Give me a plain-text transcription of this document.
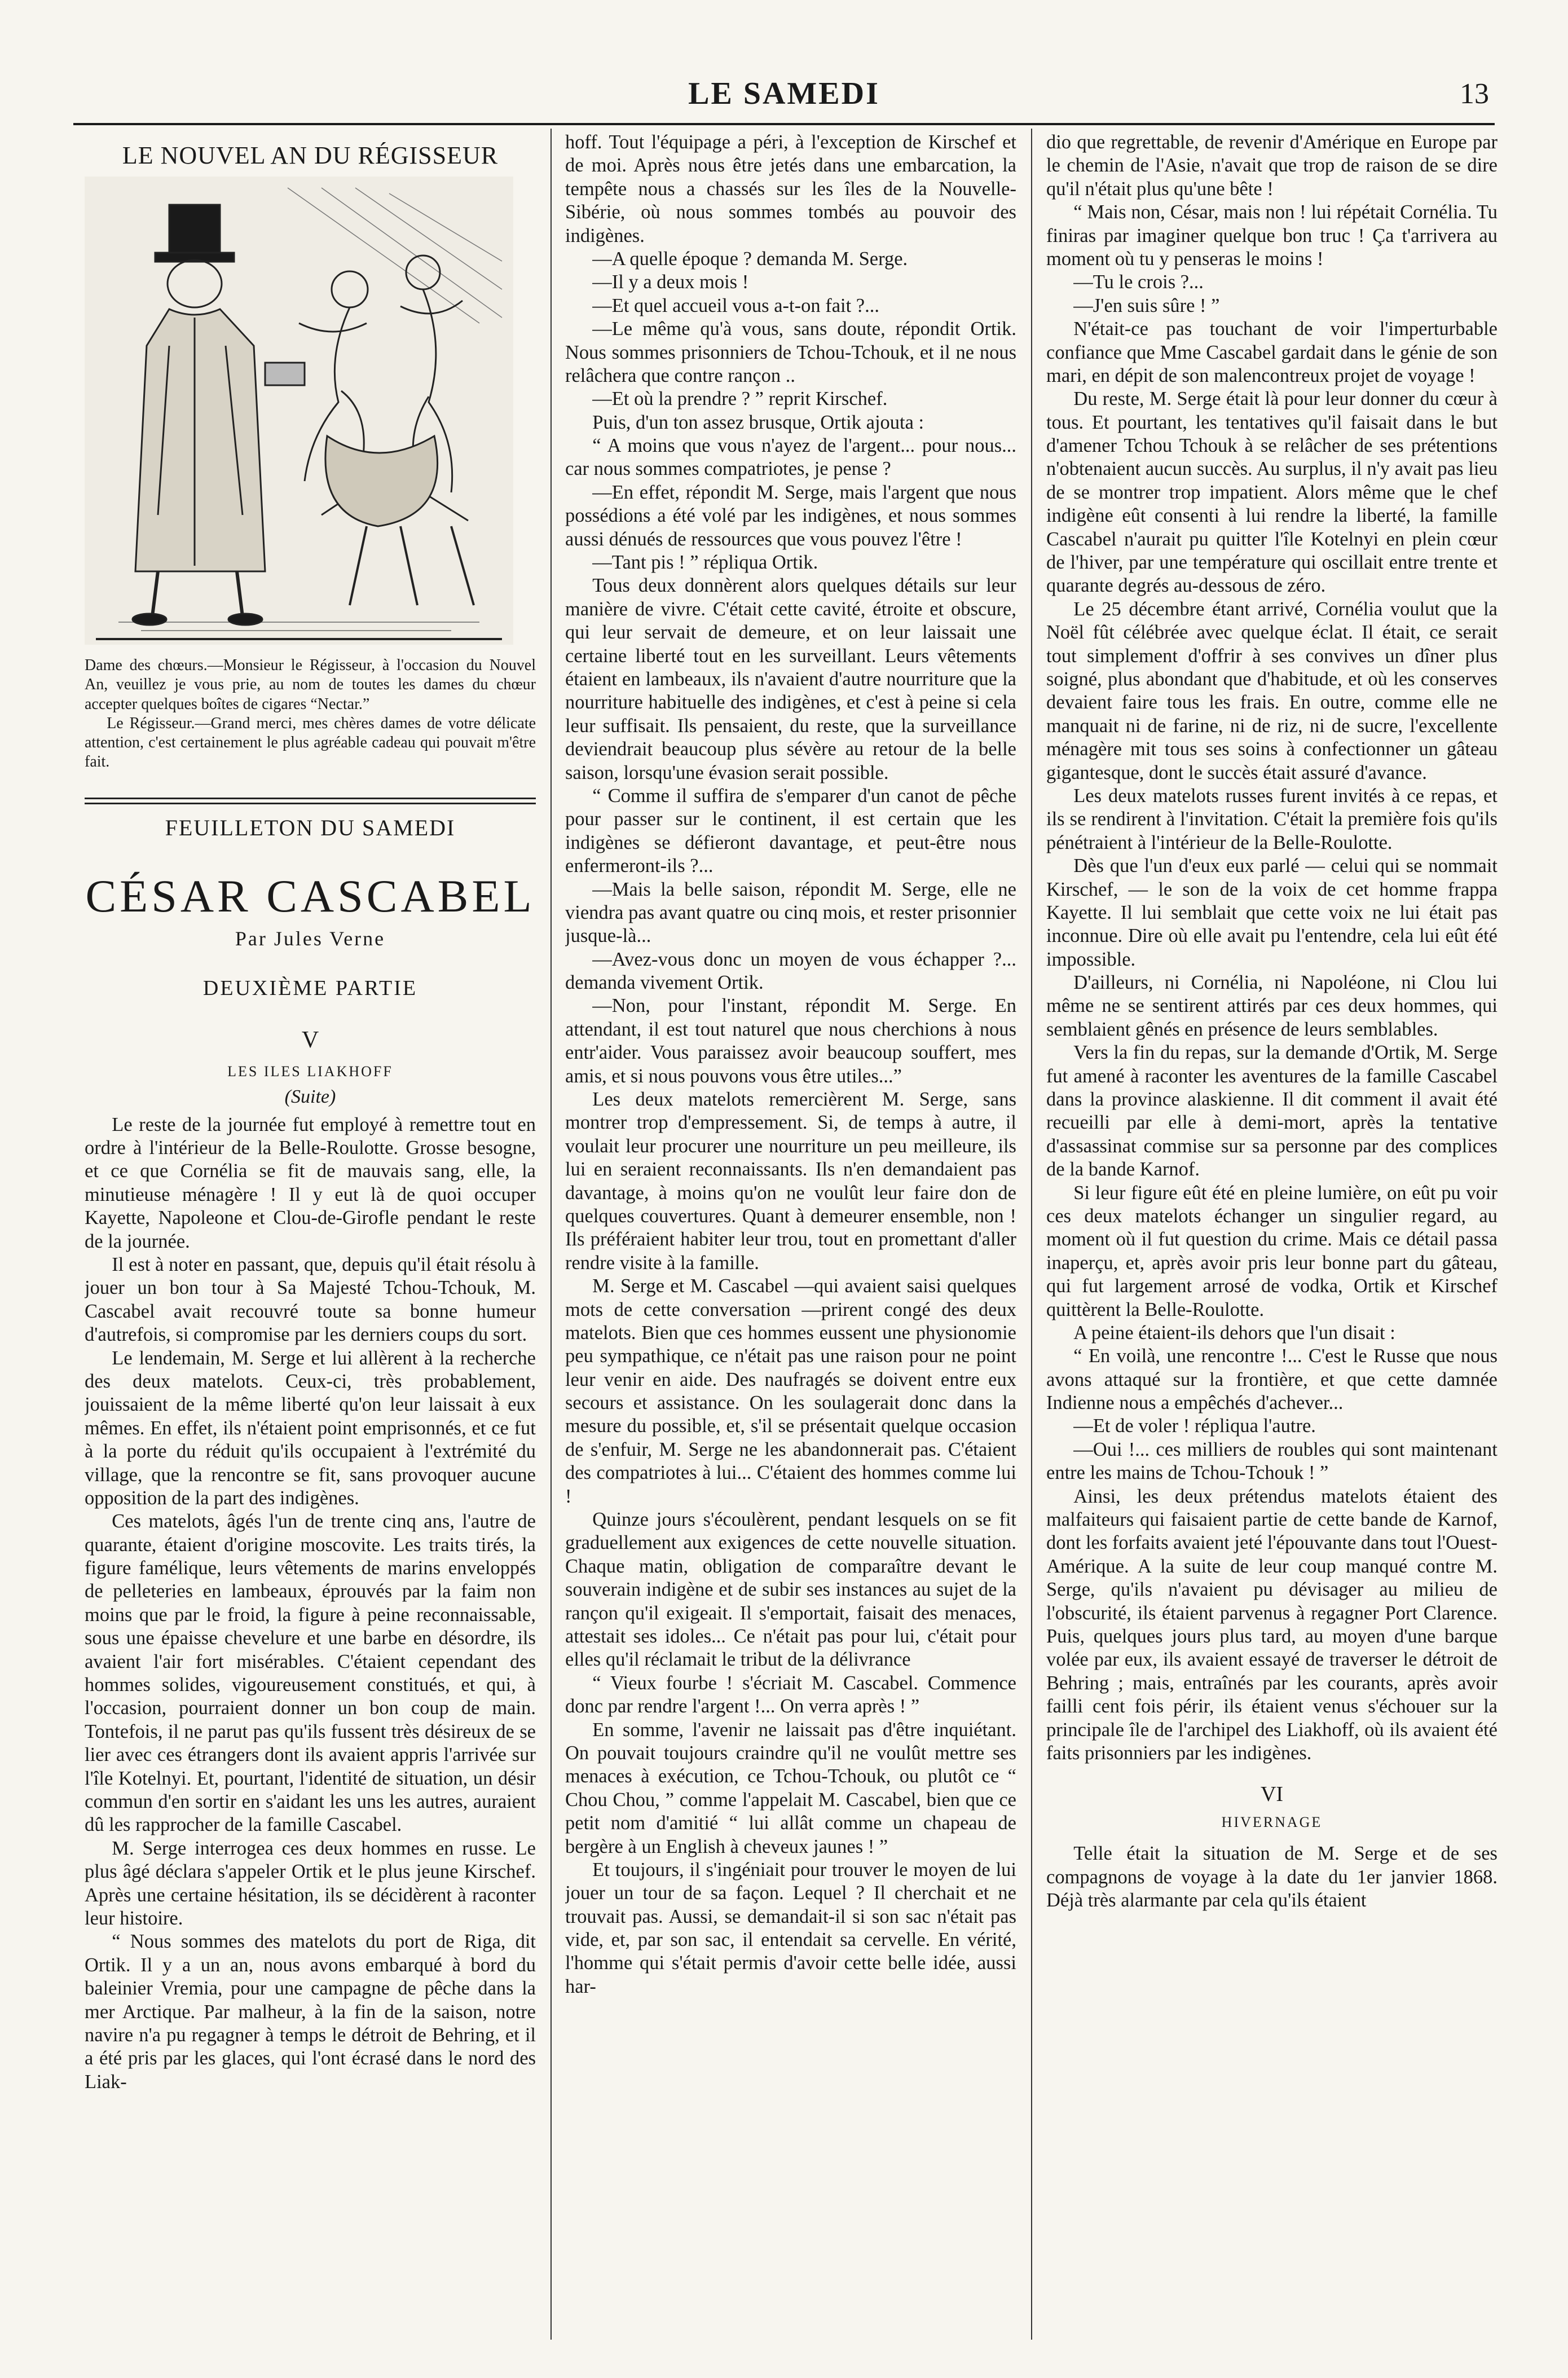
LE SAMEDI	13
LE NOUVEL AN DU RÉGISSEUR

Dame des chœurs.—Monsieur le Régisseur, à l'occasion du Nouvel An, veuillez je vous prie, au nom de toutes les dames du chœur accepter quelques boîtes de cigares “Nectar.”

Le Régisseur.—Grand merci, mes chères dames de votre délicate attention, c'est certainement le plus agréable cadeau qui pouvait m'être fait.

FEUILLETON DU SAMEDI
CÉSAR CASCABEL
Par Jules Verne
DEUXIÈME PARTIE
V
LES ILES LIAKHOFF
(Suite)

Le reste de la journée fut employé à remettre tout en ordre à l'intérieur de la Belle-Roulotte. Grosse besogne, et ce que Cornélia se fit de mauvais sang, elle, la minutieuse ménagère ! Il y eut là de quoi occuper Kayette, Napoleone et Clou-de-Girofle pendant le reste de la journée.

Il est à noter en passant, que, depuis qu'il était résolu à jouer un bon tour à Sa Majesté Tchou-Tchouk, M. Cascabel avait recouvré toute sa bonne humeur d'autrefois, si compromise par les derniers coups du sort.

Le lendemain, M. Serge et lui allèrent à la recherche des deux matelots. Ceux-ci, très probablement, jouissaient de la même liberté qu'on leur laissait à eux mêmes. En effet, ils n'étaient point emprisonnés, et ce fut à la porte du réduit qu'ils occupaient à l'extrémité du village, que la rencontre se fit, sans provoquer aucune opposition de la part des indigènes.

Ces matelots, âgés l'un de trente cinq ans, l'autre de quarante, étaient d'origine moscovite. Les traits tirés, la figure famélique, leurs vêtements de marins enveloppés de pelleteries en lambeaux, éprouvés par la faim non moins que par le froid, la figure à peine reconnaissable, sous une épaisse chevelure et une barbe en désordre, ils avaient l'air fort misérables. C'étaient cependant des hommes solides, vigoureusement constitués, et qui, à l'occasion, pourraient donner un bon coup de main. Tontefois, il ne parut pas qu'ils fussent très désireux de se lier avec ces étrangers dont ils avaient appris l'arrivée sur l'île Kotelnyi. Et, pourtant, l'identité de situation, un désir commun d'en sortir en s'aidant les uns les autres, auraient dû les rapprocher de la famille Cascabel.

M. Serge interrogea ces deux hommes en russe. Le plus âgé déclara s'appeler Ortik et le plus jeune Kirschef. Après une certaine hésitation, ils se décidèrent à raconter leur histoire.

“ Nous sommes des matelots du port de Riga, dit Ortik. Il y a un an, nous avons embarqué à bord du baleinier Vremia, pour une campagne de pêche dans la mer Arctique. Par malheur, à la fin de la saison, notre navire n'a pu regagner à temps le détroit de Behring, et il a été pris par les glaces, qui l'ont écrasé dans le nord des Liak-

hoff. Tout l'équipage a péri, à l'exception de Kirschef et de moi. Après nous être jetés dans une embarcation, la tempête nous a chassés sur les îles de la Nouvelle-Sibérie, où nous sommes tombés au pouvoir des indigènes.

—A quelle époque ? demanda M. Serge.

—Il y a deux mois !

—Et quel accueil vous a-t-on fait ?...

—Le même qu'à vous, sans doute, répondit Ortik. Nous sommes prisonniers de Tchou-Tchouk, et il ne nous relâchera que contre rançon ..

—Et où la prendre ? ” reprit Kirschef.

Puis, d'un ton assez brusque, Ortik ajouta :

“ A moins que vous n'ayez de l'argent... pour nous... car nous sommes compatriotes, je pense ?

—En effet, répondit M. Serge, mais l'argent que nous possédions a été volé par les indigènes, et nous sommes aussi dénués de ressources que vous pouvez l'être !

—Tant pis ! ” répliqua Ortik.

Tous deux donnèrent alors quelques détails sur leur manière de vivre. C'était cette cavité, étroite et obscure, qui leur servait de demeure, et on leur laissait une certaine liberté tout en les surveillant. Leurs vêtements étaient en lambeaux, ils n'avaient d'autre nourriture que la nourriture habituelle des indigènes, et c'est à peine si cela leur suffisait. Ils pensaient, du reste, que la surveillance deviendrait beaucoup plus sévère au retour de la belle saison, lorsqu'une évasion serait possible.

“ Comme il suffira de s'emparer d'un canot de pêche pour passer sur le continent, il est certain que les indigènes se défieront davantage, et peut-être nous enfermeront-ils ?...

—Mais la belle saison, répondit M. Serge, elle ne viendra pas avant quatre ou cinq mois, et rester prisonnier jusque-là...

—Avez-vous donc un moyen de vous échapper ?... demanda vivement Ortik.

—Non, pour l'instant, répondit M. Serge. En attendant, il est tout naturel que nous cherchions à nous entr'aider. Vous paraissez avoir beaucoup souffert, mes amis, et si nous pouvons vous être utiles...”

Les deux matelots remercièrent M. Serge, sans montrer trop d'empressement. Si, de temps à autre, il voulait leur procurer une nourriture un peu meilleure, ils lui en seraient reconnaissants. Ils n'en demandaient pas davantage, à moins qu'on ne voulût leur faire don de quelques couvertures. Quant à demeurer ensemble, non ! Ils préféraient habiter leur trou, tout en promettant d'aller rendre visite à la famille.

M. Serge et M. Cascabel —qui avaient saisi quelques mots de cette conversation —prirent congé des deux matelots. Bien que ces hommes eussent une physionomie peu sympathique, ce n'était pas une raison pour ne point leur venir en aide. Des naufragés se doivent entre eux secours et assistance. On les soulagerait donc dans la mesure du possible, et, s'il se présentait quelque occasion de s'enfuir, M. Serge ne les abandonnerait pas. C'étaient des compatriotes à lui... C'étaient des hommes comme lui !

Quinze jours s'écoulèrent, pendant lesquels on se fit graduellement aux exigences de cette nouvelle situation. Chaque matin, obligation de comparaître devant le souverain indigène et de subir ses instances au sujet de la rançon qu'il exigeait. Il s'emportait, faisait des menaces, attestait ses idoles... Ce n'était pas pour lui, c'était pour elles qu'il réclamait le tribut de la délivrance

“ Vieux fourbe ! s'écriait M. Cascabel. Commence donc par rendre l'argent !... On verra après ! ”

En somme, l'avenir ne laissait pas d'être inquiétant. On pouvait toujours craindre qu'il ne voulût mettre ses menaces à exécution, ce Tchou-Tchouk, ou plutôt ce “ Chou Chou, ” comme l'appelait M. Cascabel, bien que ce petit nom d'amitié “ lui allât comme un chapeau de bergère à un English à cheveux jaunes ! ”

Et toujours, il s'ingéniait pour trouver le moyen de lui jouer un tour de sa façon. Lequel ? Il cherchait et ne trouvait pas. Aussi, se demandait-il si son sac n'était pas vide, et, par son sac, il entendait sa cervelle. En vérité, l'homme qui s'était permis d'avoir cette belle idée, aussi har-

dio que regrettable, de revenir d'Amérique en Europe par le chemin de l'Asie, n'avait que trop de raison de se dire qu'il n'était plus qu'une bête !

“ Mais non, César, mais non ! lui répétait Cornélia. Tu finiras par imaginer quelque bon truc ! Ça t'arrivera au moment où tu y penseras le moins !

—Tu le crois ?...

—J'en suis sûre ! ”

N'était-ce pas touchant de voir l'imperturbable confiance que Mme Cascabel gardait dans le génie de son mari, en dépit de son malencontreux projet de voyage !

Du reste, M. Serge était là pour leur donner du cœur à tous. Et pourtant, les tentatives qu'il faisait dans le but d'amener Tchou Tchouk à se relâcher de ses prétentions n'obtenaient aucun succès. Au surplus, il n'y avait pas lieu de se montrer trop impatient. Alors même que le chef indigène eût consenti à lui rendre la liberté, la famille Cascabel n'aurait pu quitter l'île Kotelnyi en plein cœur de l'hiver, par une température qui oscillait entre trente et quarante degrés au-dessous de zéro.

Le 25 décembre étant arrivé, Cornélia voulut que la Noël fût célébrée avec quelque éclat. Il était, ce serait tout simplement d'offrir à ses convives un dîner plus soigné, plus abondant que d'habitude, et où les conserves devaient faire tous les frais. En outre, comme elle ne manquait ni de farine, ni de riz, ni de sucre, l'excellente ménagère mit tous ses soins à confectionner un gâteau gigantesque, dont le succès était assuré d'avance.

Les deux matelots russes furent invités à ce repas, et ils se rendirent à l'invitation. C'était la première fois qu'ils pénétraient à l'intérieur de la Belle-Roulotte.

Dès que l'un d'eux eux parlé — celui qui se nommait Kirschef, — le son de la voix de cet homme frappa Kayette. Il lui semblait que cette voix ne lui était pas inconnue. Dire où elle avait pu l'entendre, cela lui eût été impossible.

D'ailleurs, ni Cornélia, ni Napoléone, ni Clou lui même ne se sentirent attirés par ces deux hommes, qui semblaient gênés en présence de leurs semblables.

Vers la fin du repas, sur la demande d'Ortik, M. Serge fut amené à raconter les aventures de la famille Cascabel dans la province alaskienne. Il dit comment il avait été recueilli par elle à demi-mort, après la tentative d'assassinat commise sur sa personne par des complices de la bande Karnof.

Si leur figure eût été en pleine lumière, on eût pu voir ces deux matelots échanger un singulier regard, au moment où il fut question du crime. Mais ce détail passa inaperçu, et, après avoir pris leur bonne part du gâteau, qui fut largement arrosé de vodka, Ortik et Kirschef quittèrent la Belle-Roulotte.

A peine étaient-ils dehors que l'un disait :

“ En voilà, une rencontre !... C'est le Russe que nous avons attaqué sur la frontière, et que cette damnée Indienne nous a empêchés d'achever...

—Et de voler ! répliqua l'autre.

—Oui !... ces milliers de roubles qui sont maintenant entre les mains de Tchou-Tchouk ! ”

Ainsi, les deux prétendus matelots étaient des malfaiteurs qui faisaient partie de cette bande de Karnof, dont les forfaits avaient jeté l'épouvante dans tout l'Ouest-Amérique. A la suite de leur coup manqué contre M. Serge, qu'ils n'avaient pu dévisager au milieu de l'obscurité, ils étaient parvenus à regagner Port Clarence. Puis, quelques jours plus tard, au moyen d'une barque volée par eux, ils avaient essayé de traverser le détroit de Behring ; mais, entraînés par les courants, après avoir failli cent fois périr, ils étaient venus s'échouer sur la principale île de l'archipel des Liakhoff, où ils avaient été faits prisonniers par les indigènes.

VI
HIVERNAGE

Telle était la situation de M. Serge et de ses compagnons de voyage à la date du 1er janvier 1868. Déjà très alarmante par cela qu'ils étaient
